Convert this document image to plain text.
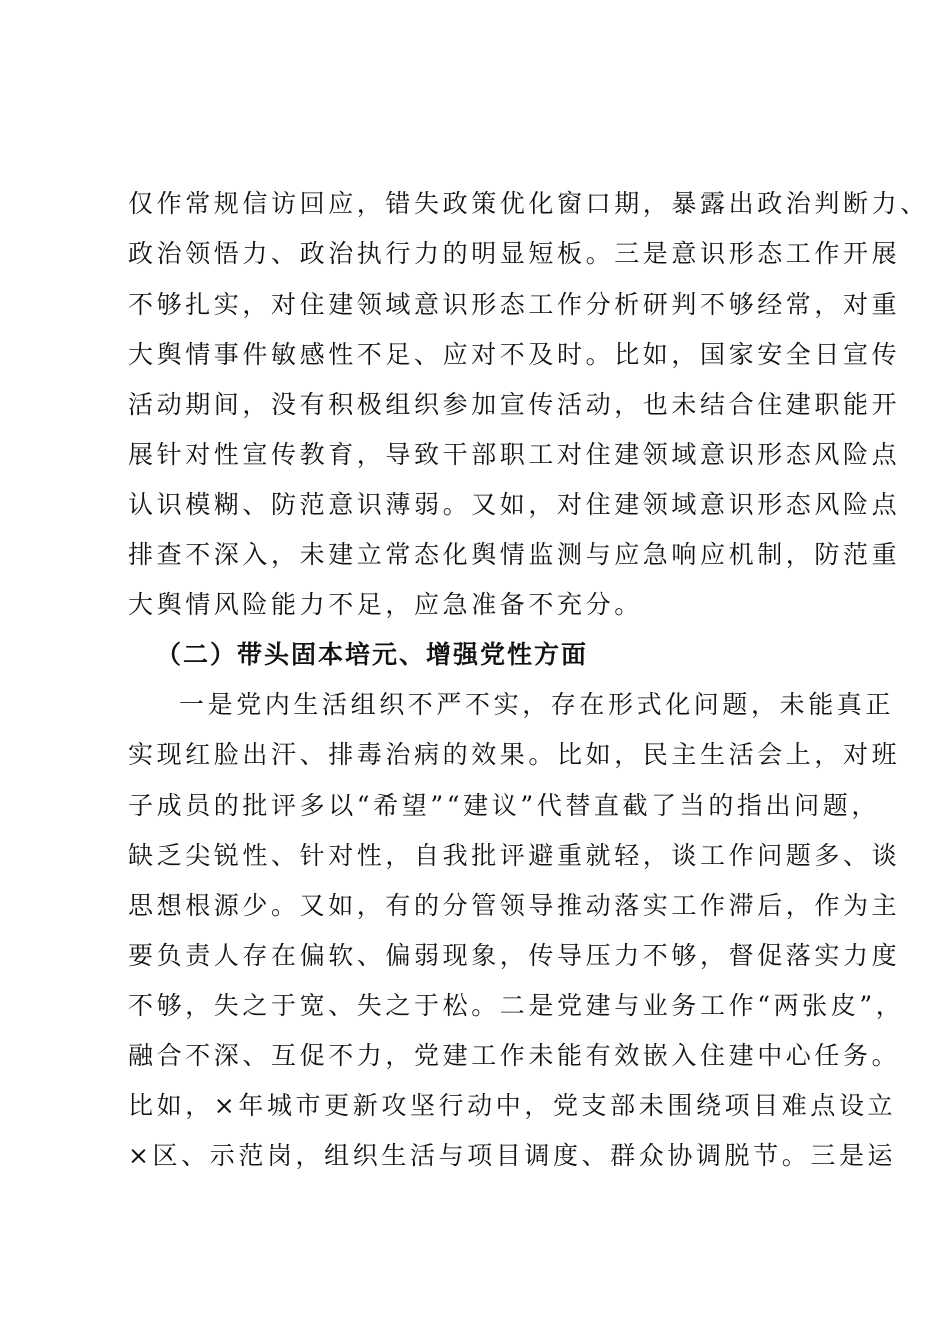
仅作常规信访回应，错失政策优化窗口期，暴露出政治判断力、
政治领悟力、政治执行力的明显短板。三是意识形态工作开展
不够扎实，对住建领域意识形态工作分析研判不够经常，对重
大舆情事件敏感性不足、应对不及时。比如，国家安全日宣传
活动期间，没有积极组织参加宣传活动，也未结合住建职能开
展针对性宣传教育，导致干部职工对住建领域意识形态风险点
认识模糊、防范意识薄弱。又如，对住建领域意识形态风险点
排查不深入，未建立常态化舆情监测与应急响应机制，防范重
大舆情风险能力不足，应急准备不充分。
（二）带头固本培元、增强党性方面
一是党内生活组织不严不实，存在形式化问题，未能真正
实现红脸出汗、排毒治病的效果。比如，民主生活会上，对班
子成员的批评多以“希望”“建议”代替直截了当的指出问题，
缺乏尖锐性、针对性，自我批评避重就轻，谈工作问题多、谈
思想根源少。又如，有的分管领导推动落实工作滞后，作为主
要负责人存在偏软、偏弱现象，传导压力不够，督促落实力度
不够，失之于宽、失之于松。二是党建与业务工作“两张皮”，
融合不深、互促不力，党建工作未能有效嵌入住建中心任务。
比如，×年城市更新攻坚行动中，党支部未围绕项目难点设立
×区、示范岗，组织生活与项目调度、群众协调脱节。三是运
